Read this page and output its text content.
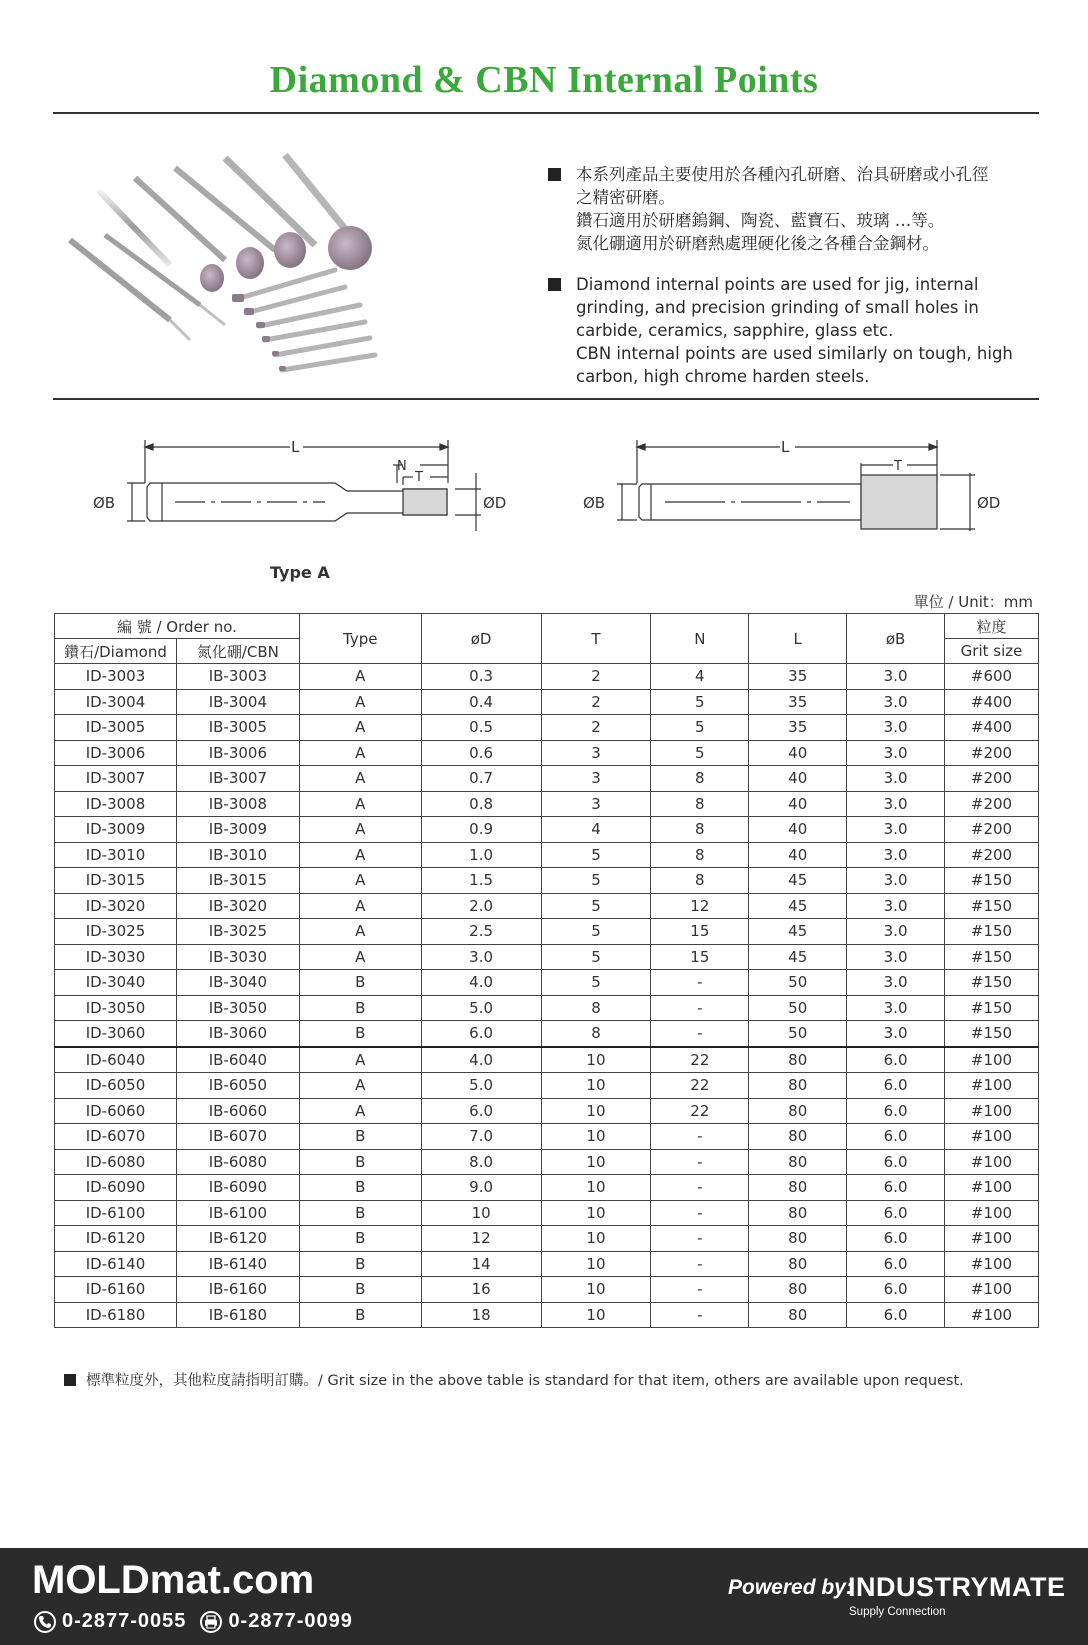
Diamond & CBN Internal Points
本系列產品主要使用於各種內孔研磨、治具研磨或小孔徑
之精密研磨。
鑽石適用於研磨鎢鋼、陶瓷、藍寶石、玻璃 …等。
氮化硼適用於研磨熱處理硬化後之各種合金鋼材。
Diamond internal points are used for jig, internal
grinding, and precision grinding of small holes in
carbide, ceramics, sapphire, glass etc.
CBN internal points are used similarly on tough, high
carbon, high chrome harden steels.
L
N
T
ØB	ØD
L
T
ØB	ØD
Type A
單位 / Unit：mm
編 號 / Order no.		Type	øD	T	N	L	øB	粒度
鑽石/Diamond	氮化硼/CBN							Grit size
ID-3003	IB-3003	A	0.3	2	4	35	3.0	#600
ID-3004	IB-3004	A	0.4	2	5	35	3.0	#400
ID-3005	IB-3005	A	0.5	2	5	35	3.0	#400
ID-3006	IB-3006	A	0.6	3	5	40	3.0	#200
ID-3007	IB-3007	A	0.7	3	8	40	3.0	#200
ID-3008	IB-3008	A	0.8	3	8	40	3.0	#200
ID-3009	IB-3009	A	0.9	4	8	40	3.0	#200
ID-3010	IB-3010	A	1.0	5	8	40	3.0	#200
ID-3015	IB-3015	A	1.5	5	8	45	3.0	#150
ID-3020	IB-3020	A	2.0	5	12	45	3.0	#150
ID-3025	IB-3025	A	2.5	5	15	45	3.0	#150
ID-3030	IB-3030	A	3.0	5	15	45	3.0	#150
ID-3040	IB-3040	B	4.0	5	-	50	3.0	#150
ID-3050	IB-3050	B	5.0	8	-	50	3.0	#150
ID-3060	IB-3060	B	6.0	8	-	50	3.0	#150
ID-6040	IB-6040	A	4.0	10	22	80	6.0	#100
ID-6050	IB-6050	A	5.0	10	22	80	6.0	#100
ID-6060	IB-6060	A	6.0	10	22	80	6.0	#100
ID-6070	IB-6070	B	7.0	10	-	80	6.0	#100
ID-6080	IB-6080	B	8.0	10	-	80	6.0	#100
ID-6090	IB-6090	B	9.0	10	-	80	6.0	#100
ID-6100	IB-6100	B	10	10	-	80	6.0	#100
ID-6120	IB-6120	B	12	10	-	80	6.0	#100
ID-6140	IB-6140	B	14	10	-	80	6.0	#100
ID-6160	IB-6160	B	16	10	-	80	6.0	#100
ID-6180	IB-6180	B	18	10	-	80	6.0	#100
標準粒度外，其他粒度請指明訂購。/ Grit size in the above table is standard for that item, others are available upon request.
MOLDmat.com
0-2877-0055 0-2877-0099
Powered by:
INDUSTRYMATE
Supply Connection
